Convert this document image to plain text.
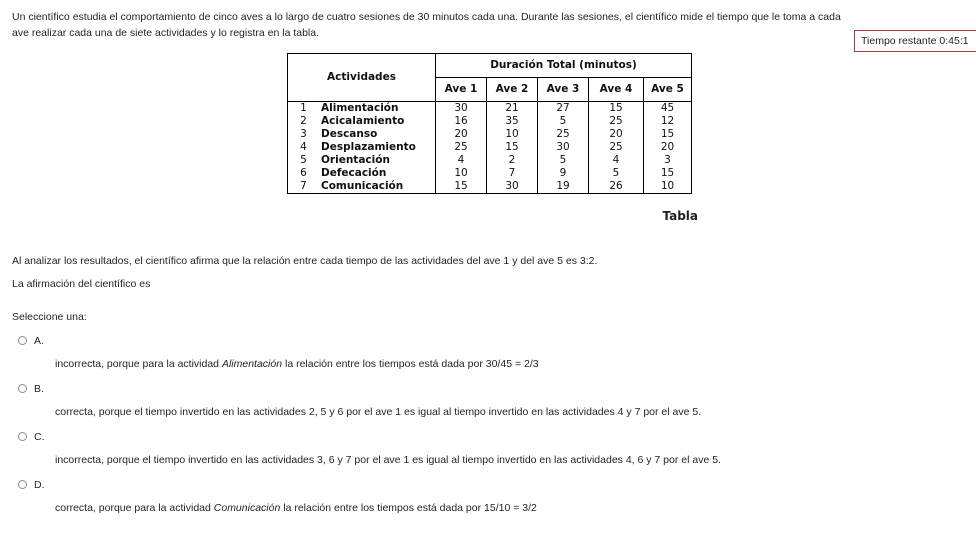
Un científico estudia el comportamiento de cinco aves a lo largo de cuatro sesiones de 30 minutos cada una. Durante las sesiones, el científico mide el tiempo que le toma a cada ave realizar cada una de siete actividades y lo registra en la tabla.
Tiempo restante 0:45:1
Actividades		Duración Total (minutos)				
		Ave 1	Ave 2	Ave 3	Ave 4	Ave 5
1	Alimentación	30	21	27	15	45
2	Acicalamiento	16	35	5	25	12
3	Descanso	20	10	25	20	15
4	Desplazamiento	25	15	30	25	20
5	Orientación	4	2	5	4	3
6	Defecación	10	7	9	5	15
7	Comunicación	15	30	19	26	10
Tabla
Al analizar los resultados, el científico afirma que la relación entre cada tiempo de las actividades del ave 1 y del ave 5 es 3:2.
La afirmación del científico es
Seleccione una:
A.
incorrecta, porque para la actividad Alimentación la relación entre los tiempos está dada por 30/45 = 2/3
B.
correcta, porque el tiempo invertido en las actividades 2, 5 y 6 por el ave 1 es igual al tiempo invertido en las actividades 4 y 7 por el ave 5.
C.
incorrecta, porque el tiempo invertido en las actividades 3, 6 y 7 por el ave 1 es igual al tiempo invertido en las actividades 4, 6 y 7 por el ave 5.
D.
correcta, porque para la actividad Comunicación la relación entre los tiempos está dada por 15/10 = 3/2
